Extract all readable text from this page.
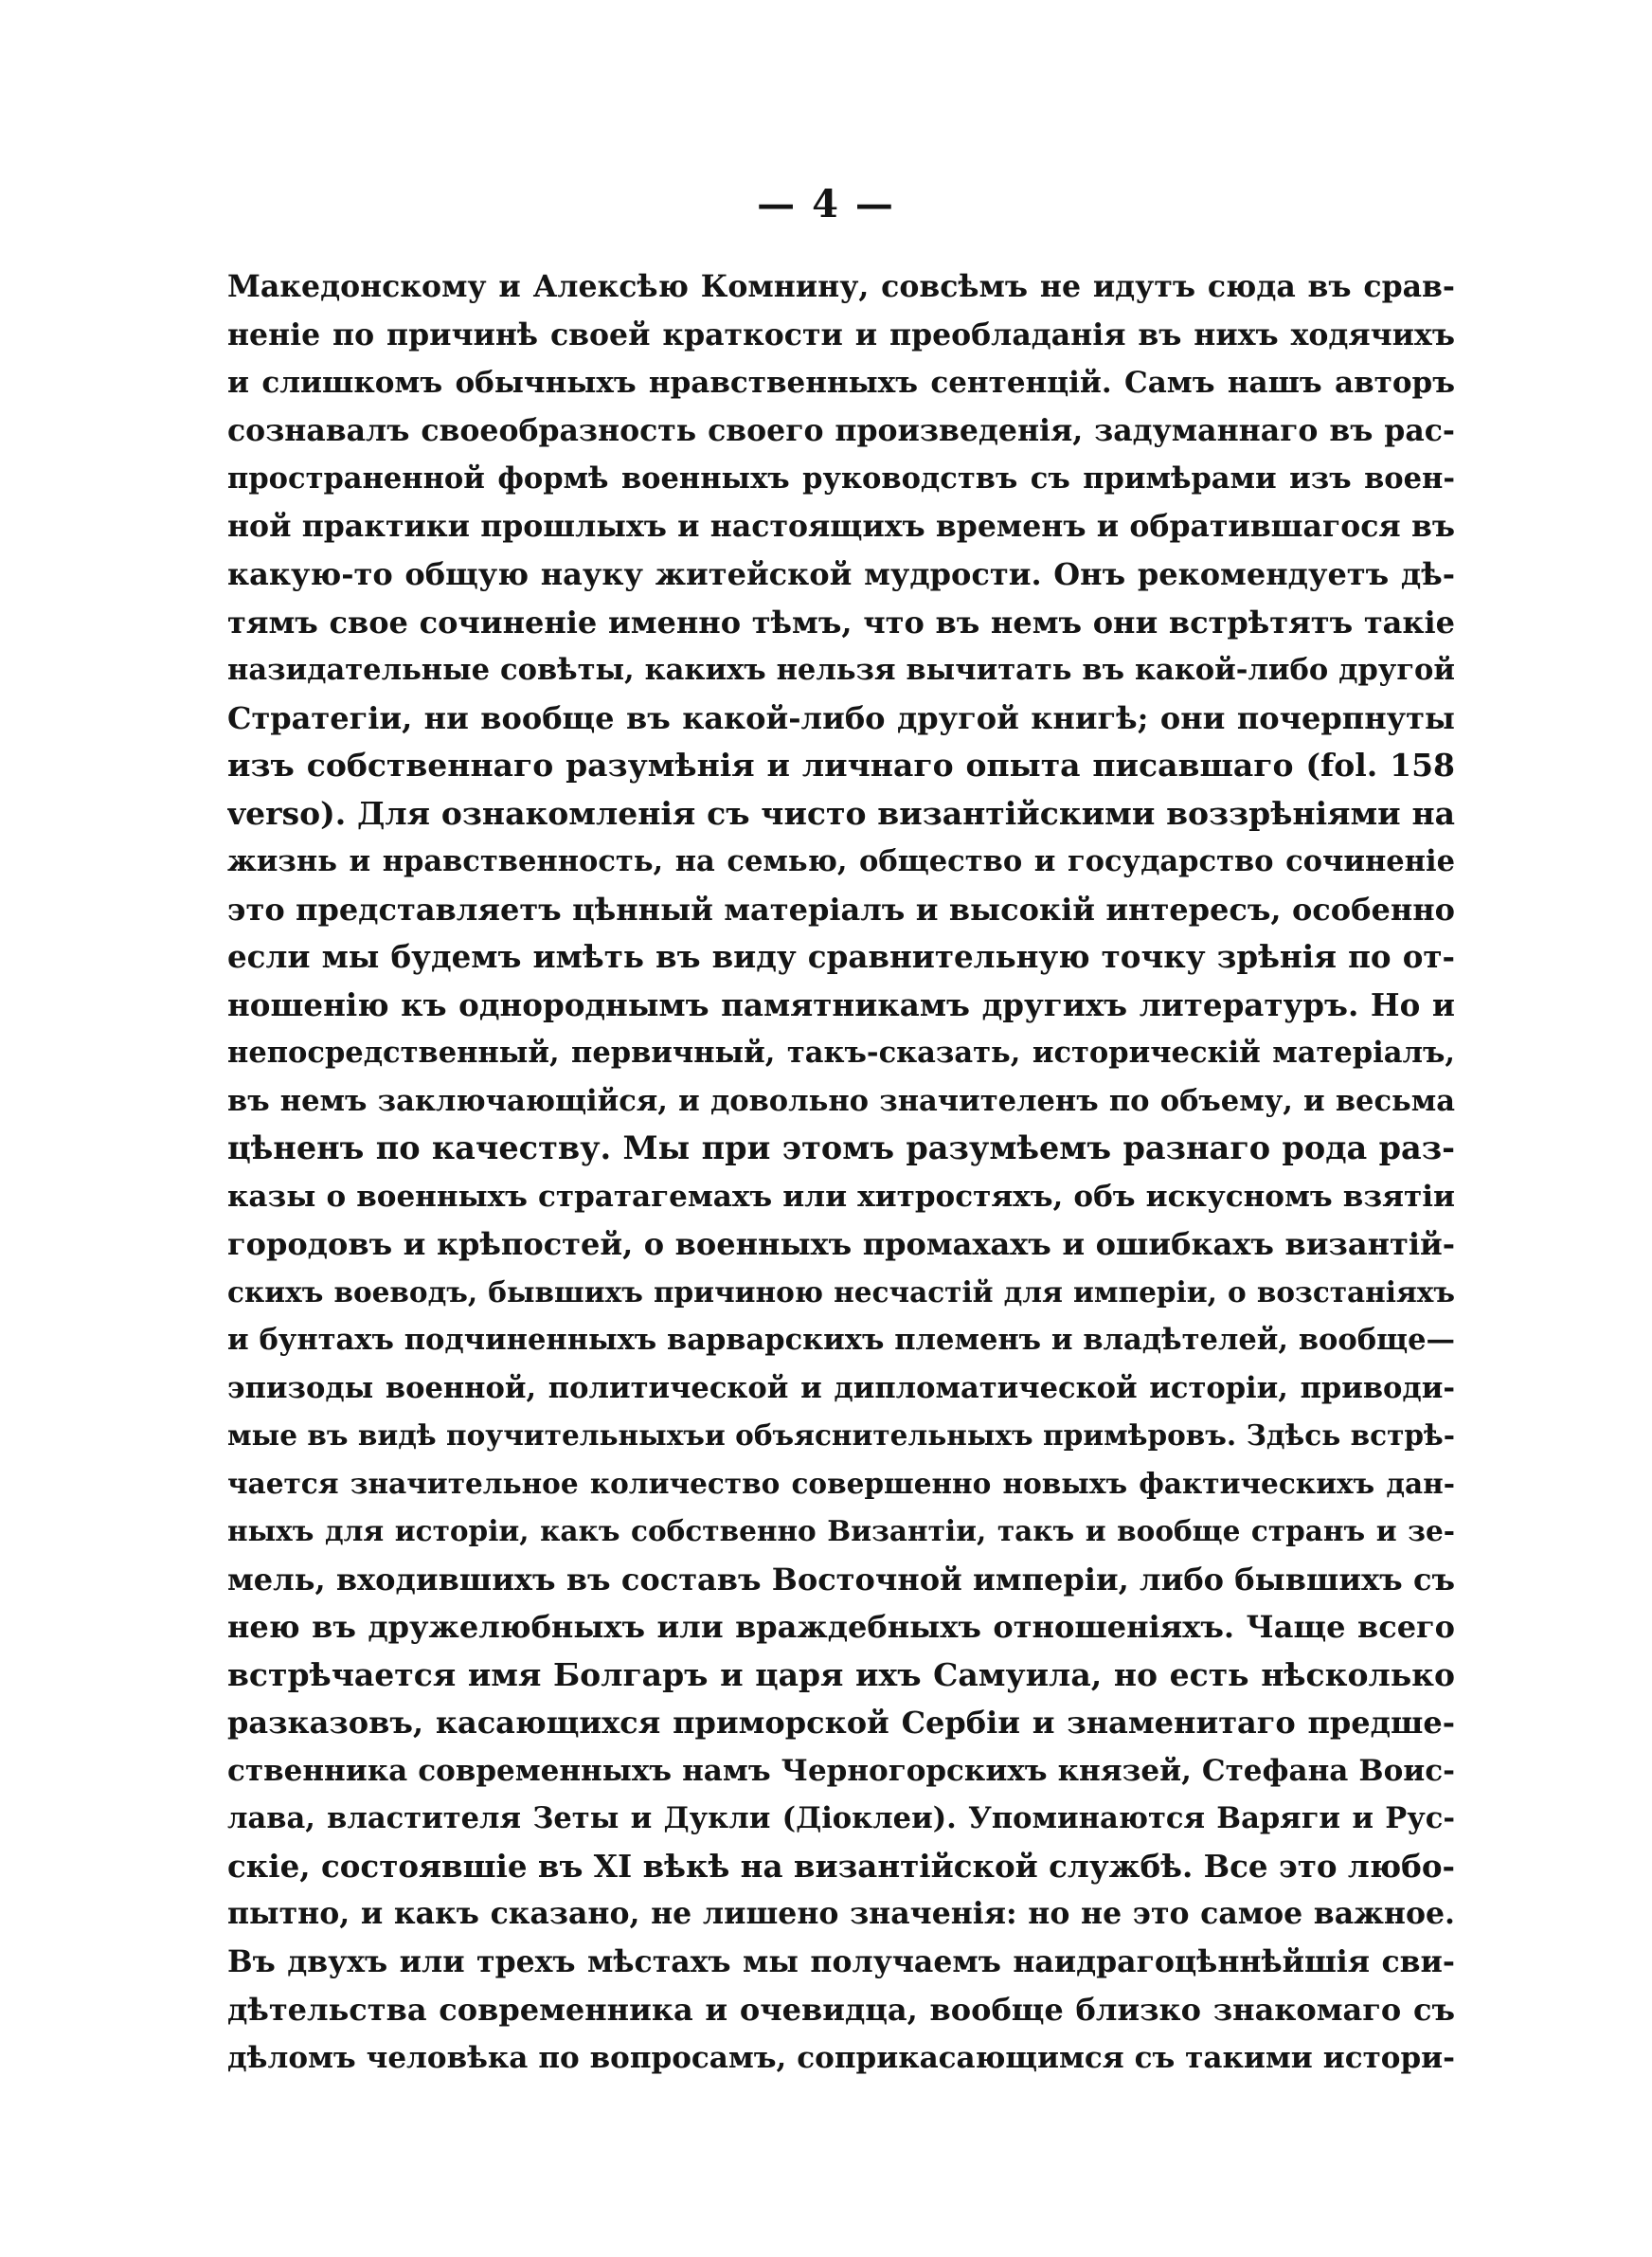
— 4 —
Македонскому и Алексѣю Комнину, совсѣмъ не идутъ сюда въ срав-
неніе по причинѣ своей краткости и преобладанія въ нихъ ходячихъ
и слишкомъ обычныхъ нравственныхъ сентенцій. Самъ нашъ авторъ
сознавалъ своеобразность своего произведенія, задуманнаго въ рас-
пространенной формѣ военныхъ руководствъ съ примѣрами изъ воен-
ной практики прошлыхъ и настоящихъ временъ и обратившагося въ
какую-то общую науку житейской мудрости. Онъ рекомендуетъ дѣ-
тямъ свое сочиненіе именно тѣмъ, что въ немъ они встрѣтятъ такіе
назидательные совѣты, какихъ нельзя вычитать въ какой-либо другой
Стратегіи, ни вообще въ какой-либо другой книгѣ; они почерпнуты
изъ собственнаго разумѣнія и личнаго опыта писавшаго (fol. 158
verso). Для ознакомленія съ чисто византійскими воззрѣніями на
жизнь и нравственность, на семью, общество и государство сочиненіе
это представляетъ цѣнный матеріалъ и высокій интересъ, особенно
если мы будемъ имѣть въ виду сравнительную точку зрѣнія по от-
ношенію къ однороднымъ памятникамъ другихъ литературъ. Но и
непосредственный, первичный, такъ-сказать, историческій матеріалъ,
въ немъ заключающійся, и довольно значителенъ по объему, и весьма
цѣненъ по качеству. Мы при этомъ разумѣемъ разнаго рода раз-
казы о военныхъ стратагемахъ или хитростяхъ, объ искусномъ взятіи
городовъ и крѣпостей, о военныхъ промахахъ и ошибкахъ византій-
скихъ воеводъ, бывшихъ причиною несчастій для имперіи, о возстаніяхъ
и бунтахъ подчиненныхъ варварскихъ племенъ и владѣтелей, вообще—
эпизоды военной, политической и дипломатической исторіи, приводи-
мые въ видѣ поучительныхъи объяснительныхъ примѣровъ. Здѣсь встрѣ-
чается значительное количество совершенно новыхъ фактическихъ дан-
ныхъ для исторіи, какъ собственно Византіи, такъ и вообще странъ и зе-
мель, входившихъ въ составъ Восточной имперіи, либо бывшихъ съ
нею въ дружелюбныхъ или враждебныхъ отношеніяхъ. Чаще всего
встрѣчается имя Болгаръ и царя ихъ Самуила, но есть нѣсколько
разказовъ, касающихся приморской Сербіи и знаменитаго предше-
ственника современныхъ намъ Черногорскихъ князей, Стефана Воис-
лава, властителя Зеты и Дукли (Діоклеи). Упоминаются Варяги и Рус-
скіе, состоявшіе въ XI вѣкѣ на византійской службѣ. Все это любо-
пытно, и какъ сказано, не лишено значенія: но не это самое важное.
Въ двухъ или трехъ мѣстахъ мы получаемъ наидрагоцѣннѣйшія сви-
дѣтельства современника и очевидца, вообще близко знакомаго съ
дѣломъ человѣка по вопросамъ, соприкасающимся съ такими истори-
